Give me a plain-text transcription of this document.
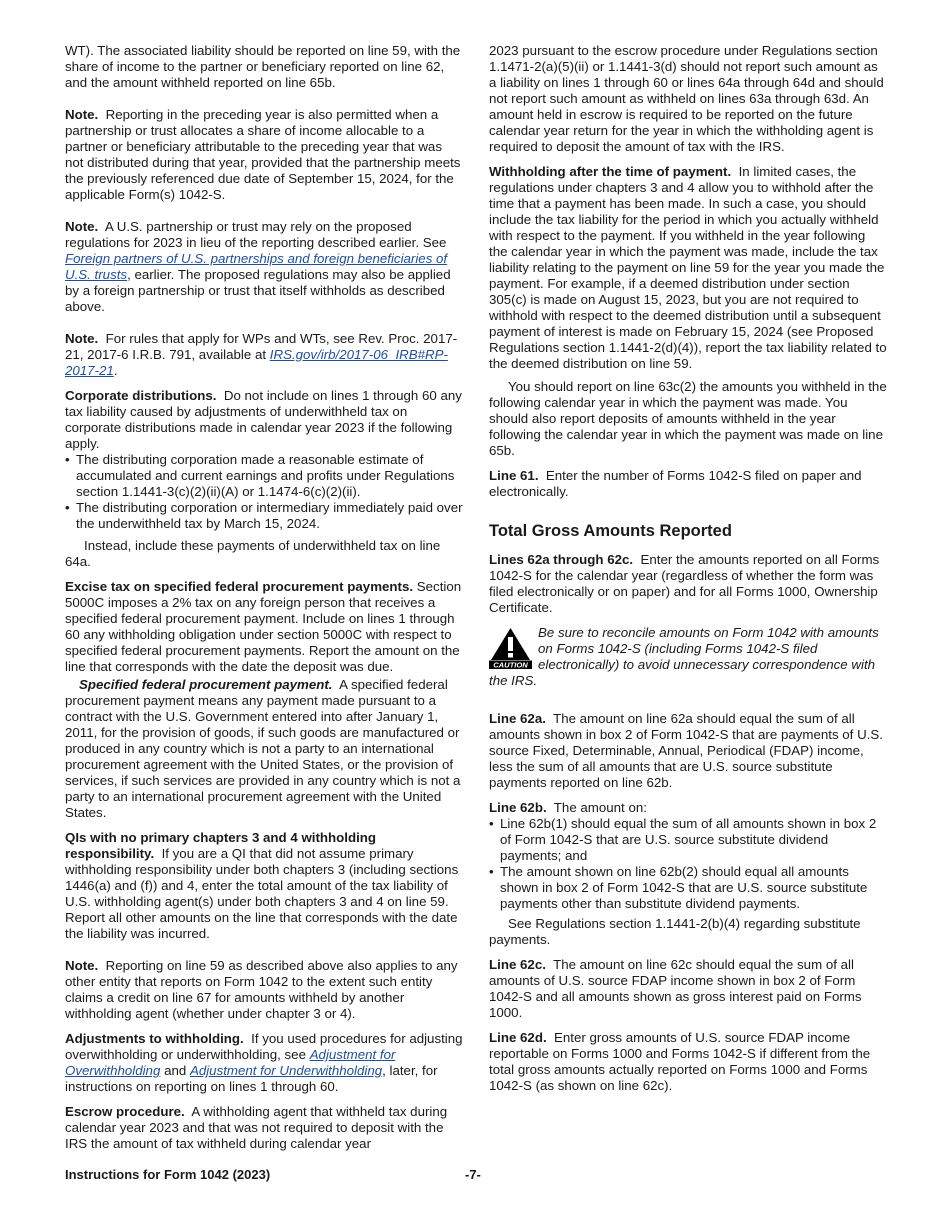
WT). The associated liability should be reported on line 59, with the share of income to the partner or beneficiary reported on line 62, and the amount withheld reported on line 65b.

Note. Reporting in the preceding year is also permitted when a partnership or trust allocates a share of income allocable to a partner or beneficiary attributable to the preceding year that was not distributed during that year, provided that the partnership meets the previously referenced due date of September 15, 2024, for the applicable Form(s) 1042-S.

Note. A U.S. partnership or trust may rely on the proposed regulations for 2023 in lieu of the reporting described earlier. See Foreign partners of U.S. partnerships and foreign beneficiaries of U.S. trusts, earlier. The proposed regulations may also be applied by a foreign partnership or trust that itself withholds as described above.

Note. For rules that apply for WPs and WTs, see Rev. Proc. 2017-21, 2017-6 I.R.B. 791, available at IRS.gov/irb/2017-06_IRB#RP-2017-21.

Corporate distributions. Do not include on lines 1 through 60 any tax liability caused by adjustments of underwithheld tax on corporate distributions made in calendar year 2023 if the following apply.

• The distributing corporation made a reasonable estimate of accumulated and current earnings and profits under Regulations section 1.1441-3(c)(2)(ii)(A) or 1.1474-6(c)(2)(ii).

• The distributing corporation or intermediary immediately paid over the underwithheld tax by March 15, 2024.

Instead, include these payments of underwithheld tax on line 64a.

Excise tax on specified federal procurement payments. Section 5000C imposes a 2% tax on any foreign person that receives a specified federal procurement payment. Include on lines 1 through 60 any withholding obligation under section 5000C with respect to specified federal procurement payments. Report the amount on the line that corresponds with the date the deposit was due.

Specified federal procurement payment. A specified federal procurement payment means any payment made pursuant to a contract with the U.S. Government entered into after January 1, 2011, for the provision of goods, if such goods are manufactured or produced in any country which is not a party to an international procurement agreement with the United States, or the provision of services, if such services are provided in any country which is not a party to an international procurement agreement with the United States.

QIs with no primary chapters 3 and 4 withholding responsibility. If you are a QI that did not assume primary withholding responsibility under both chapters 3 (including sections 1446(a) and (f)) and 4, enter the total amount of the tax liability of U.S. withholding agent(s) under both chapters 3 and 4 on line 59. Report all other amounts on the line that corresponds with the date the liability was incurred.

Note. Reporting on line 59 as described above also applies to any other entity that reports on Form 1042 to the extent such entity claims a credit on line 67 for amounts withheld by another withholding agent (whether under chapter 3 or 4).

Adjustments to withholding. If you used procedures for adjusting overwithholding or underwithholding, see Adjustment for Overwithholding and Adjustment for Underwithholding, later, for instructions on reporting on lines 1 through 60.

Escrow procedure. A withholding agent that withheld tax during calendar year 2023 and that was not required to deposit with the IRS the amount of tax withheld during calendar year

2023 pursuant to the escrow procedure under Regulations section 1.1471-2(a)(5)(ii) or 1.1441-3(d) should not report such amount as a liability on lines 1 through 60 or lines 64a through 64d and should not report such amount as withheld on lines 63a through 63d. An amount held in escrow is required to be reported on the future calendar year return for the year in which the withholding agent is required to deposit the amount of tax with the IRS.

Withholding after the time of payment. In limited cases, the regulations under chapters 3 and 4 allow you to withhold after the time that a payment has been made. In such a case, you should include the tax liability for the period in which you actually withheld with respect to the payment. If you withheld in the year following the calendar year in which the payment was made, include the tax liability relating to the payment on line 59 for the year you made the payment. For example, if a deemed distribution under section 305(c) is made on August 15, 2023, but you are not required to withhold with respect to the deemed distribution until a subsequent payment of interest is made on February 15, 2024 (see Proposed Regulations section 1.1441-2(d)(4)), report the tax liability related to the deemed distribution on line 59.

You should report on line 63c(2) the amounts you withheld in the following calendar year in which the payment was made. You should also report deposits of amounts withheld in the year following the calendar year in which the payment was made on line 65b.

Line 61. Enter the number of Forms 1042-S filed on paper and electronically.

Total Gross Amounts Reported

Lines 62a through 62c. Enter the amounts reported on all Forms 1042-S for the calendar year (regardless of whether the form was filed electronically or on paper) and for all Forms 1000, Ownership Certificate.

CAUTION
Be sure to reconcile amounts on Form 1042 with amounts on Forms 1042-S (including Forms 1042-S filed electronically) to avoid unnecessary correspondence with the IRS.

Line 62a. The amount on line 62a should equal the sum of all amounts shown in box 2 of Form 1042-S that are payments of U.S. source Fixed, Determinable, Annual, Periodical (FDAP) income, less the sum of all amounts that are U.S. source substitute payments reported on line 62b.

Line 62b. The amount on:

• Line 62b(1) should equal the sum of all amounts shown in box 2 of Form 1042-S that are U.S. source substitute dividend payments; and

• The amount shown on line 62b(2) should equal all amounts shown in box 2 of Form 1042-S that are U.S. source substitute payments other than substitute dividend payments.

See Regulations section 1.1441-2(b)(4) regarding substitute payments.

Line 62c. The amount on line 62c should equal the sum of all amounts of U.S. source FDAP income shown in box 2 of Form 1042-S and all amounts shown as gross interest paid on Forms 1000.

Line 62d. Enter gross amounts of U.S. source FDAP income reportable on Forms 1000 and Forms 1042-S if different from the total gross amounts actually reported on Forms 1000 and Forms 1042-S (as shown on line 62c).

Instructions for Form 1042 (2023)	-7-
